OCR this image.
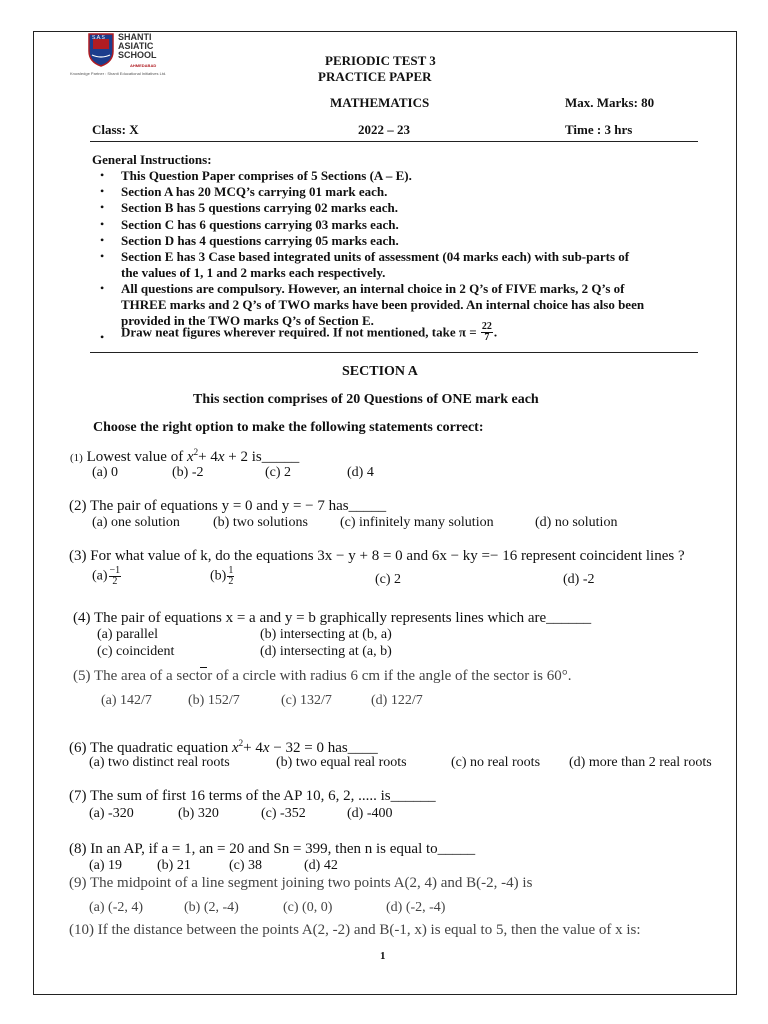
SHANTI
ASIATIC
SCHOOL
S.A.S
AHMEDABAD
Knowledge Partner : Shanti Educational Initiatives Ltd.
PERIODIC TEST 3
PRACTICE PAPER
MATHEMATICS	Max. Marks: 80
Class: X	2022 – 23	Time : 3 hrs
General Instructions:
• This Question Paper comprises of 5 Sections (A – E).
• Section A has 20 MCQ’s carrying 01 mark each.
• Section B has 5 questions carrying 02 marks each.
• Section C has 6 questions carrying 03 marks each.
• Section D has 4 questions carrying 05 marks each.
• Section E has 3 Case based integrated units of assessment (04 marks each) with sub-parts of
the values of 1, 1 and 2 marks each respectively.
• All questions are compulsory. However, an internal choice in 2 Q’s of FIVE marks, 2 Q’s of
THREE marks and 2 Q’s of TWO marks have been provided. An internal choice has also been
provided in the TWO marks Q’s of Section E.
• Draw neat figures wherever required. If not mentioned, take $\pi = \frac{22}{7}$ .
SECTION A
This section comprises of 20 Questions of ONE mark each
Choose the right option to make the following statements correct:
(1) Lowest value of $x^2+ 4x + 2$ is_____
(a) 0	(b) -2	(c) 2	(d) 4
(2) The pair of equations y = 0 and y = − 7 has_____
(a) one solution (b) two solutions (c) infinitely many solution	(d) no solution
(3) For what value of k, do the equations 3x − y + 8 = 0 and 6x − ky =− 16 represent coincident lines ?
$(a) \frac{-1}{2}$	$(b) \frac{1}{2}$	(c) 2	(d) -2
(4) The pair of equations x = a and y = b graphically represents lines which are______
(a) parallel	(b) intersecting at (b, a)
(c) coincident	(d) intersecting at (a, b)
(5) The area of a sector of a circle with radius 6 cm if the angle of the sector is 60°.
(a) 142/7	(b) 152/7	(c) 132/7	(d) 122/7
(6) The quadratic equation $x^2+ 4x - 32 = 0$ has____
(a) two distinct real roots	(b) two equal real roots	(c) no real roots (d) more than 2 real roots
(7) The sum of first 16 terms of the AP 10, 6, 2, ..... is______
(a) -320	(b) 320	(c) -352	(d) -400
(8) In an AP, if a = 1, an = 20 and Sn = 399, then n is equal to_____
(a) 19 (b) 21	(c) 38	(d) 42
(9) The midpoint of a line segment joining two points A(2, 4) and B(-2, -4) is
(a) (-2, 4)	(b) (2, -4)	(c) (0, 0)	(d) (-2, -4)
(10) If the distance between the points A(2, -2) and B(-1, x) is equal to 5, then the value of x is:
1
